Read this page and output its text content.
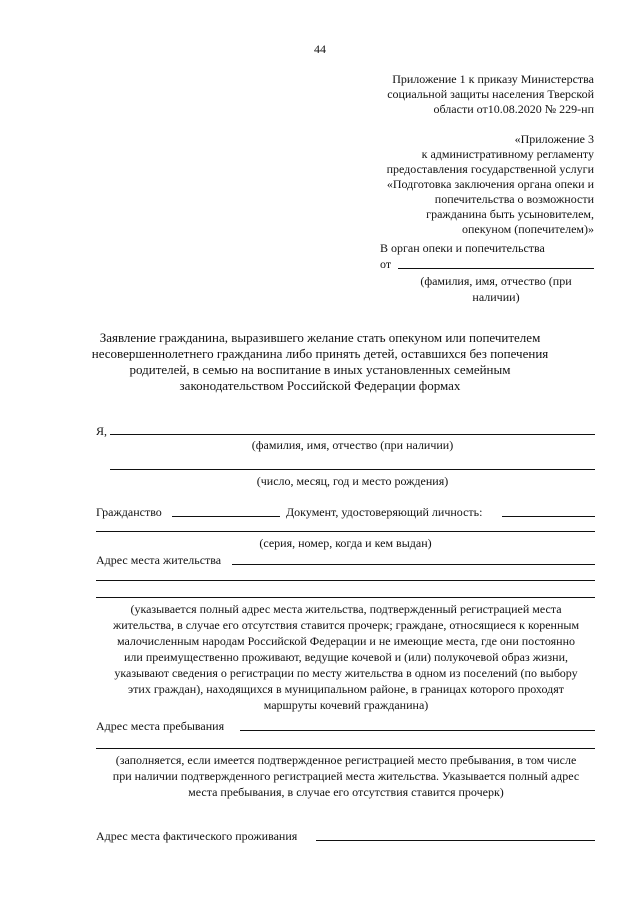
44
Приложение 1 к приказу Министерства
социальной защиты населения Тверской
области от10.08.2020 № 229-нп
«Приложение 3
к административному регламенту
предоставления государственной услуги
«Подготовка заключения органа опеки и
попечительства о возможности
гражданина быть усыновителем,
опекуном (попечителем)»
В орган опеки и попечительства
от
(фамилия, имя, отчество (при
наличии)
Заявление гражданина, выразившего желание стать опекуном или попечителем
несовершеннолетнего гражданина либо принять детей, оставшихся без попечения
родителей, в семью на воспитание в иных установленных семейным
законодательством Российской Федерации формах
Я,
(фамилия, имя, отчество (при наличии)
(число, месяц, год и место рождения)
Гражданство	Документ, удостоверяющий личность:
(серия, номер, когда и кем выдан)
Адрес места жительства
(указывается полный адрес места жительства, подтвержденный регистрацией места
жительства, в случае его отсутствия ставится прочерк; граждане, относящиеся к коренным
малочисленным народам Российской Федерации и не имеющие места, где они постоянно
или преимущественно проживают, ведущие кочевой и (или) полукочевой образ жизни,
указывают сведения о регистрации по месту жительства в одном из поселений (по выбору
этих граждан), находящихся в муниципальном районе, в границах которого проходят
маршруты кочевий гражданина)
Адрес места пребывания
(заполняется, если имеется подтвержденное регистрацией место пребывания, в том числе
при наличии подтвержденного регистрацией места жительства. Указывается полный адрес
места пребывания, в случае его отсутствия ставится прочерк)
Адрес места фактического проживания
